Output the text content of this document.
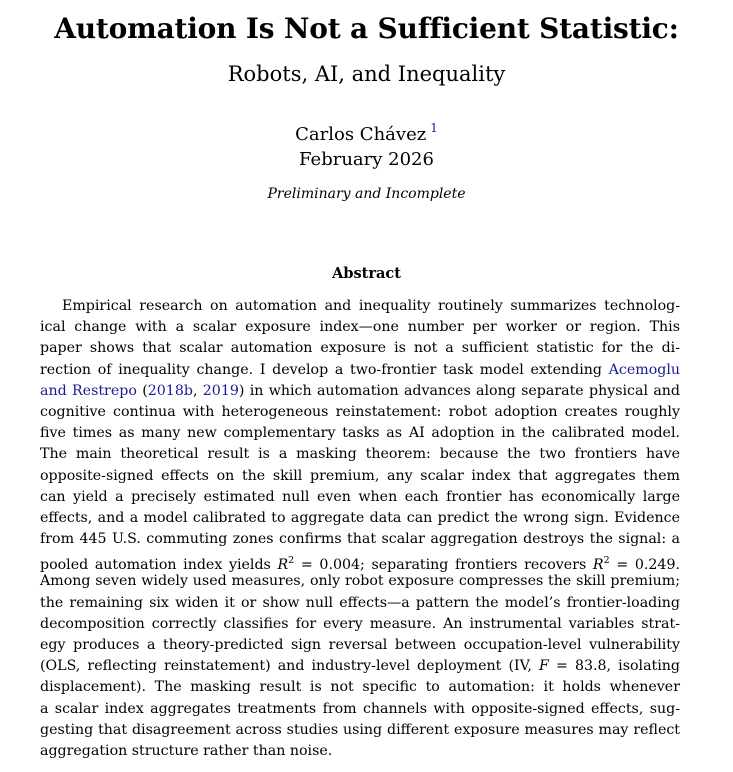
Automation Is Not a Sufficient Statistic:
Robots, AI, and Inequality
Carlos Chávez $^1$
February 2026
Preliminary and Incomplete
Abstract
Empirical research on automation and inequality routinely summarizes technolog-
ical change with a scalar exposure index—one number per worker or region. This
paper shows that scalar automation exposure is not a sufficient statistic for the di-
rection of inequality change. I develop a two-frontier task model extending Acemoglu
and Restrepo (2018b, 2019) in which automation advances along separate physical and
cognitive continua with heterogeneous reinstatement: robot adoption creates roughly
five times as many new complementary tasks as AI adoption in the calibrated model.
The main theoretical result is a masking theorem: because the two frontiers have
opposite-signed effects on the skill premium, any scalar index that aggregates them
can yield a precisely estimated null even when each frontier has economically large
effects, and a model calibrated to aggregate data can predict the wrong sign. Evidence
from 445 U.S. commuting zones confirms that scalar aggregation destroys the signal: a
pooled automation index yields $R^2 = 0.004$; separating frontiers recovers $R^2 = 0.249$.
Among seven widely used measures, only robot exposure compresses the skill premium;
the remaining six widen it or show null effects—a pattern the model’s frontier-loading
decomposition correctly classifies for every measure. An instrumental variables strat-
egy produces a theory-predicted sign reversal between occupation-level vulnerability
(OLS, reflecting reinstatement) and industry-level deployment (IV, F = 83.8, isolating
displacement). The masking result is not specific to automation: it holds whenever
a scalar index aggregates treatments from channels with opposite-signed effects, sug-
gesting that disagreement across studies using different exposure measures may reflect
aggregation structure rather than noise.
